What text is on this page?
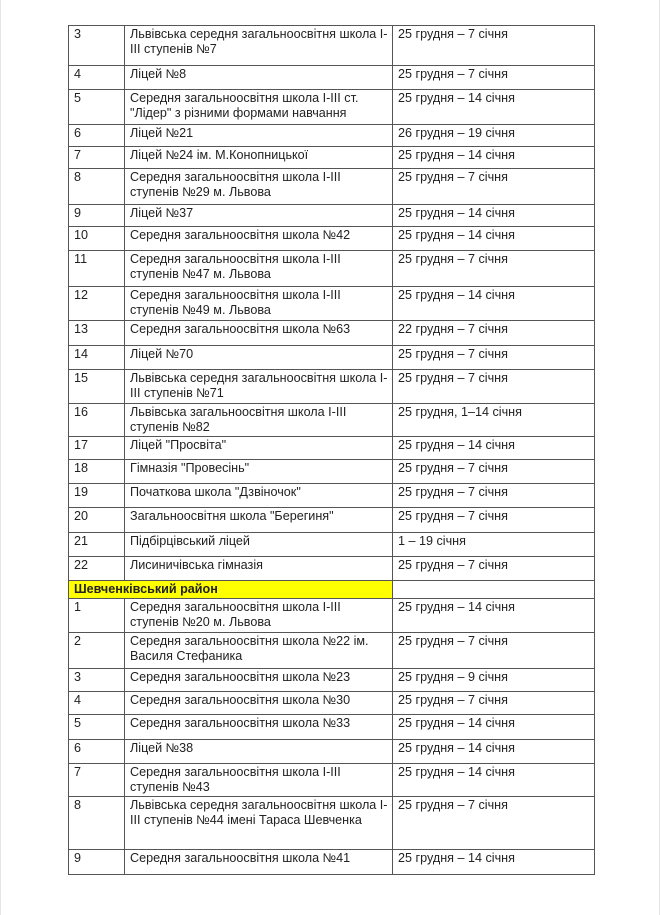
3	Львівська середня загальноосвітня школа І-ІІІ ступенів №7	25 грудня – 7 січня
4	Ліцей №8	25 грудня – 7 січня
5	Середня загальноосвітня школа І-ІІІ ст. "Лідер" з різними формами навчання	25 грудня – 14 січня
6	Ліцей №21	26 грудня – 19 січня
7	Ліцей №24 ім. М.Конопницької	25 грудня – 14 січня
8	Середня загальноосвітня школа І-ІІІ ступенів №29 м. Львова	25 грудня – 7 січня
9	Ліцей №37	25 грудня – 14 січня
10	Середня загальноосвітня школа №42	25 грудня – 14 січня
11	Середня загальноосвітня школа І-ІІІ ступенів №47 м. Львова	25 грудня – 7 січня
12	Середня загальноосвітня школа І-ІІІ ступенів №49 м. Львова	25 грудня – 14 січня
13	Середня загальноосвітня школа №63	22 грудня – 7 січня
14	Ліцей №70	25 грудня – 7 січня
15	Львівська середня загальноосвітня школа І-ІІІ ступенів №71	25 грудня – 7 січня
16	Львівська загальноосвітня школа І-ІІІ ступенів №82	25 грудня, 1–14 січня
17	Ліцей "Просвіта"	25 грудня – 14 січня
18	Гімназія "Провесінь"	25 грудня – 7 січня
19	Початкова школа "Дзвіночок"	25 грудня – 7 січня
20	Загальноосвітня школа "Берегиня"	25 грудня – 7 січня
21	Підбірцівський ліцей	1 – 19 січня
22	Лисиничівська гімназія	25 грудня – 7 січня
Шевченківський район		
1	Середня загальноосвітня школа І-ІІІ ступенів №20 м. Львова	25 грудня – 14 січня
2	Середня загальноосвітня школа №22 ім. Василя Стефаника	25 грудня – 7 січня
3	Середня загальноосвітня школа №23	25 грудня – 9 січня
4	Середня загальноосвітня школа №30	25 грудня – 7 січня
5	Середня загальноосвітня школа №33	25 грудня – 14 січня
6	Ліцей №38	25 грудня – 14 січня
7	Середня загальноосвітня школа І-ІІІ ступенів №43	25 грудня – 14 січня
8	Львівська середня загальноосвітня школа І-ІІІ ступенів №44 імені Тараса Шевченка	25 грудня – 7 січня
9	Середня загальноосвітня школа №41	25 грудня – 14 січня
